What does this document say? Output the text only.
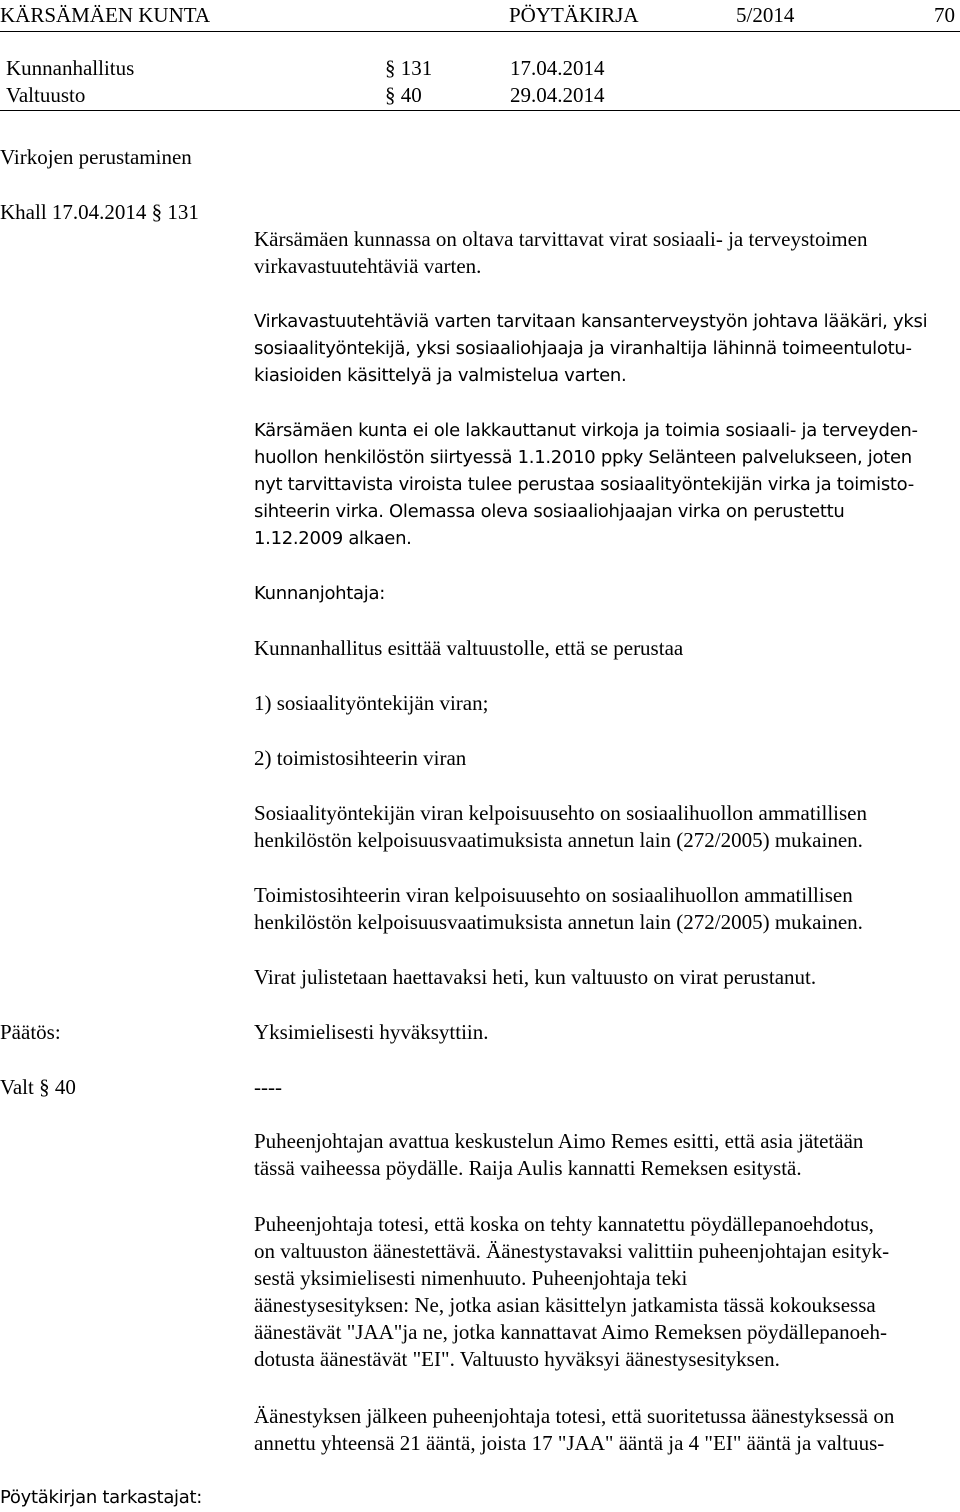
KÄRSÄMÄEN KUNTA	PÖYTÄKIRJA	5/2014	70
Kunnanhallitus	§ 131	17.04.2014
Valtuusto	§ 40	29.04.2014
Virkojen perustaminen
Khall 17.04.2014 § 131
Kärsämäen kunnassa on oltava tarvittavat virat sosiaali- ja terveystoimen
virkavastuutehtäviä varten.
Virkavastuutehtäviä varten tarvitaan kansanterveystyön johtava lääkäri, yksi
sosiaalityöntekijä, yksi sosiaaliohjaaja ja viranhaltija lähinnä toimeentulotu-
kiasioiden käsittelyä ja valmistelua varten.
Kärsämäen kunta ei ole lakkauttanut virkoja ja toimia sosiaali- ja terveyden-
huollon henkilöstön siirtyessä 1.1.2010 ppky Selänteen palvelukseen, joten
nyt tarvittavista viroista tulee perustaa sosiaalityöntekijän virka ja toimisto-
sihteerin virka. Olemassa oleva sosiaaliohjaajan virka on perustettu
1.12.2009 alkaen.
Kunnanjohtaja:
Kunnanhallitus esittää valtuustolle, että se perustaa
1) sosiaalityöntekijän viran;
2) toimistosihteerin viran
Sosiaalityöntekijän viran kelpoisuusehto on sosiaalihuollon ammatillisen
henkilöstön kelpoisuusvaatimuksista annetun lain (272/2005) mukainen.
Toimistosihteerin viran kelpoisuusehto on sosiaalihuollon ammatillisen
henkilöstön kelpoisuusvaatimuksista annetun lain (272/2005) mukainen.
Virat julistetaan haettavaksi heti, kun valtuusto on virat perustanut.
Päätös:	Yksimielisesti hyväksyttiin.
Valt § 40	----
Puheenjohtajan avattua keskustelun Aimo Remes esitti, että asia jätetään
tässä vaiheessa pöydälle. Raija Aulis kannatti Remeksen esitystä.
Puheenjohtaja totesi, että koska on tehty kannatettu pöydällepanoehdotus,
on valtuuston äänestettävä. Äänestystavaksi valittiin puheenjohtajan esityk-
sestä yksimielisesti nimenhuuto. Puheenjohtaja teki
äänestysesityksen: Ne, jotka asian käsittelyn jatkamista tässä kokouksessa
äänestävät "JAA"ja ne, jotka kannattavat Aimo Remeksen pöydällepanoeh-
dotusta äänestävät "EI". Valtuusto hyväksyi äänestysesityksen.
Äänestyksen jälkeen puheenjohtaja totesi, että suoritetussa äänestyksessä on
annettu yhteensä 21 ääntä, joista 17 "JAA" ääntä ja 4 "EI" ääntä ja valtuus-
Pöytäkirjan tarkastajat:
